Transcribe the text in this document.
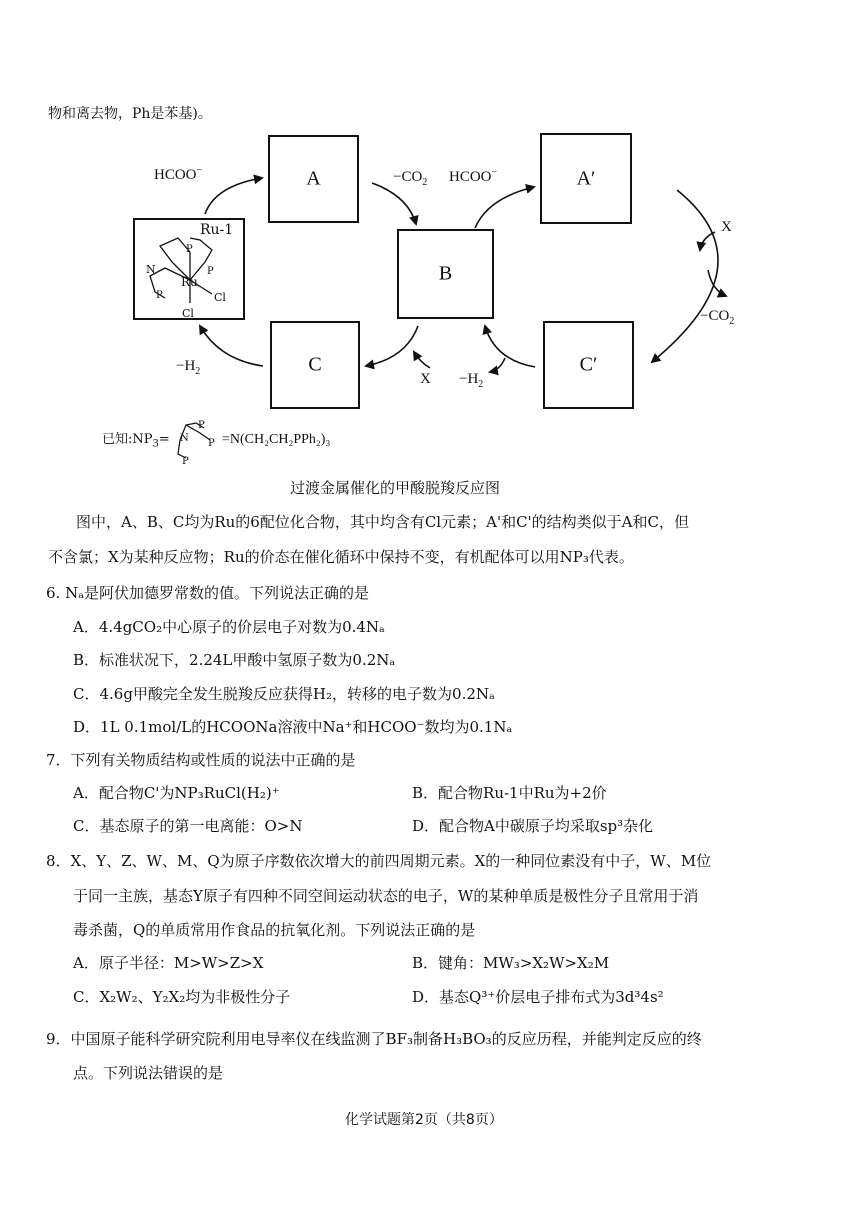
物和离去物，Ph是苯基)。
A	A′
B
C	C′
Ru-1
Ru
N
P
P
P	Cl
Cl
HCOO−	$-CO_2$ HCOO−
X
$-CO_2$
$-H_2$	$X -H_2$
已知$:NP_3=$
P
N P
P
=N(CH₂CH₂PPh₂)₃
过渡金属催化的甲酸脱羧反应图
图中，A、B、C均为Ru的6配位化合物，其中均含有Cl元素；A'和C'的结构类似于A和C，但
不含氯；X为某种反应物；Ru的价态在催化循环中保持不变，有机配体可以用NP₃代表。
6. Nₐ是阿伏加德罗常数的值。下列说法正确的是
A．4.4gCO₂中心原子的价层电子对数为0.4Nₐ
B．标准状况下，2.24L甲酸中氢原子数为0.2Nₐ
C．4.6g甲酸完全发生脱羧反应获得H₂，转移的电子数为0.2Nₐ
D．1L 0.1mol/L的HCOONa溶液中Na⁺和HCOO⁻数均为0.1Nₐ
7．下列有关物质结构或性质的说法中正确的是
A．配合物C'为NP₃RuCl(H₂)⁺	B．配合物Ru-1中Ru为+2价
C．基态原子的第一电离能：O>N	D．配合物A中碳原子均采取sp³杂化
8．X、Y、Z、W、M、Q为原子序数依次增大的前四周期元素。X的一种同位素没有中子，W、M位
于同一主族，基态Y原子有四种不同空间运动状态的电子，W的某种单质是极性分子且常用于消
毒杀菌，Q的单质常用作食品的抗氧化剂。下列说法正确的是
A．原子半径：M>W>Z>X	B．键角：MW₃>X₂W>X₂M
C．X₂W₂、Y₂X₂均为非极性分子	D．基态Q³⁺价层电子排布式为3d³4s²
9．中国原子能科学研究院利用电导率仪在线监测了BF₃制备H₃BO₃的反应历程，并能判定反应的终
点。下列说法错误的是
化学试题第2页（共8页）
